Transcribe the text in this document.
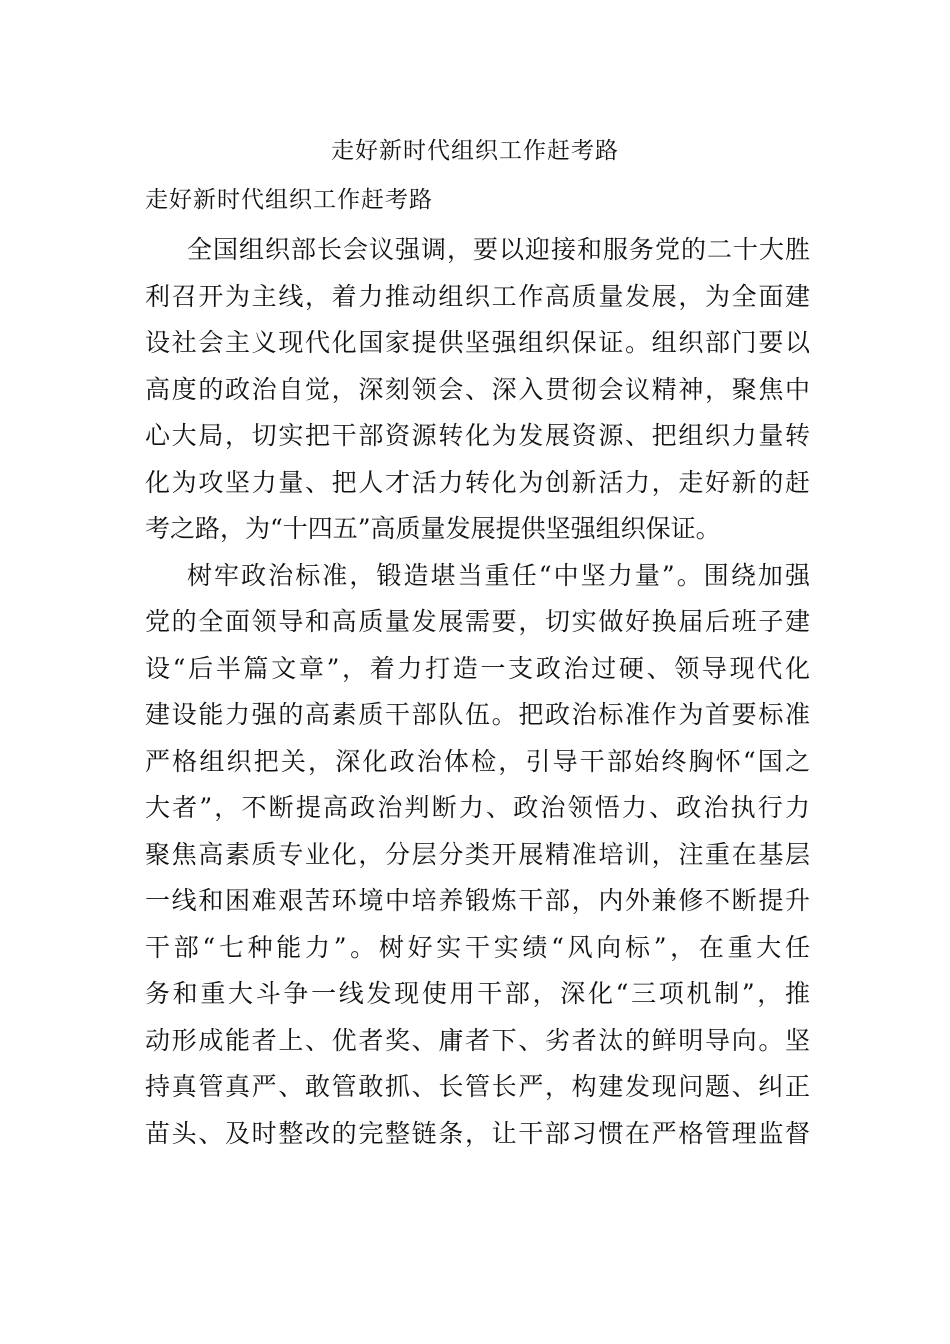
走好新时代组织工作赶考路
走好新时代组织工作赶考路
全国组织部长会议强调，要以迎接和服务党的二十大胜
利召开为主线，着力推动组织工作高质量发展，为全面建
设社会主义现代化国家提供坚强组织保证。组织部门要以
高度的政治自觉，深刻领会、深入贯彻会议精神，聚焦中
心大局，切实把干部资源转化为发展资源、把组织力量转
化为攻坚力量、把人才活力转化为创新活力，走好新的赶
考之路，为“十四五”高质量发展提供坚强组织保证。
树牢政治标准，锻造堪当重任“中坚力量”。围绕加强
党的全面领导和高质量发展需要，切实做好换届后班子建
设“后半篇文章”，着力打造一支政治过硬、领导现代化
建设能力强的高素质干部队伍。把政治标准作为首要标准
严格组织把关，深化政治体检，引导干部始终胸怀“国之
大者”，不断提高政治判断力、政治领悟力、政治执行力
聚焦高素质专业化，分层分类开展精准培训，注重在基层
一线和困难艰苦环境中培养锻炼干部，内外兼修不断提升
干部“七种能力”。树好实干实绩“风向标”，在重大任
务和重大斗争一线发现使用干部，深化“三项机制”，推
动形成能者上、优者奖、庸者下、劣者汰的鲜明导向。坚
持真管真严、敢管敢抓、长管长严，构建发现问题、纠正
苗头、及时整改的完整链条，让干部习惯在严格管理监督
